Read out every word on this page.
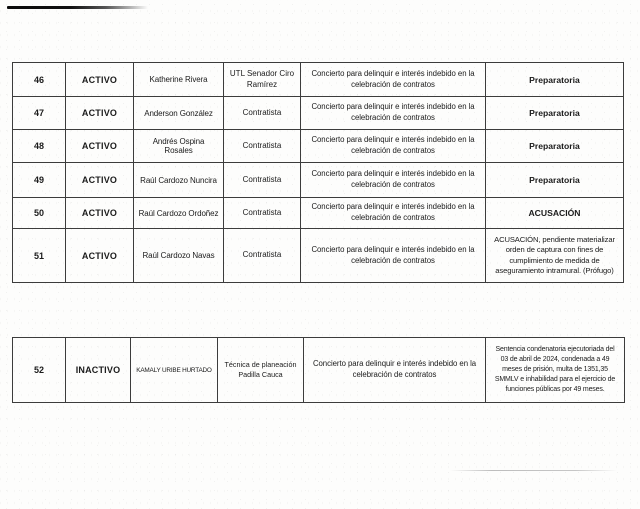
46	ACTIVO	Katherine Rivera	UTL Senador Ciro Ramírez	Concierto para delinquir e interés indebido en la celebración de contratos	Preparatoria
47	ACTIVO	Anderson González	Contratista	Concierto para delinquir e interés indebido en la celebración de contratos	Preparatoria
48	ACTIVO	Andrés Ospina Rosales	Contratista	Concierto para delinquir e interés indebido en la celebración de contratos	Preparatoria
49	ACTIVO	Raúl Cardozo Nuncira	Contratista	Concierto para delinquir e interés indebido en la celebración de contratos	Preparatoria
50	ACTIVO	Raúl Cardozo Ordoñez	Contratista	Concierto para delinquir e interés indebido en la celebración de contratos	ACUSACIÓN
51	ACTIVO	Raúl Cardozo Navas	Contratista	Concierto para delinquir e interés indebido en la celebración de contratos	ACUSACIÓN, pendiente materializar orden de captura con fines de cumplimiento de medida de aseguramiento intramural. (Prófugo)
52	INACTIVO	KAMALY URIBE HURTADO	Técnica de planeación Padilla Cauca	Concierto para delinquir e interés indebido en la celebración de contratos	Sentencia condenatoria ejecutoriada del 03 de abril de 2024, condenada a 49 meses de prisión, multa de 1351,35 SMMLV e inhabilidad para el ejercicio de funciones públicas por 49 meses.
